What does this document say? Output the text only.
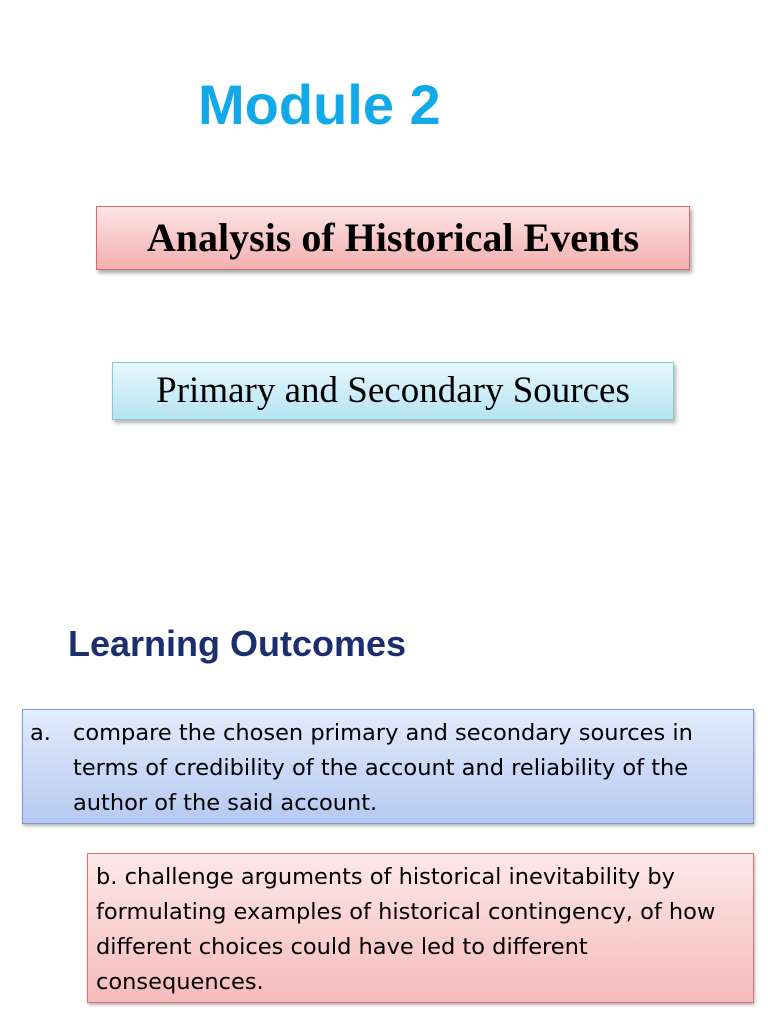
Module 2
Analysis of Historical Events
Primary and Secondary Sources
Learning Outcomes
a. compare the chosen primary and secondary sources in terms of credibility of the account and reliability of the author of the said account.
b. challenge arguments of historical inevitability by formulating examples of historical contingency, of how different choices could have led to different consequences.
